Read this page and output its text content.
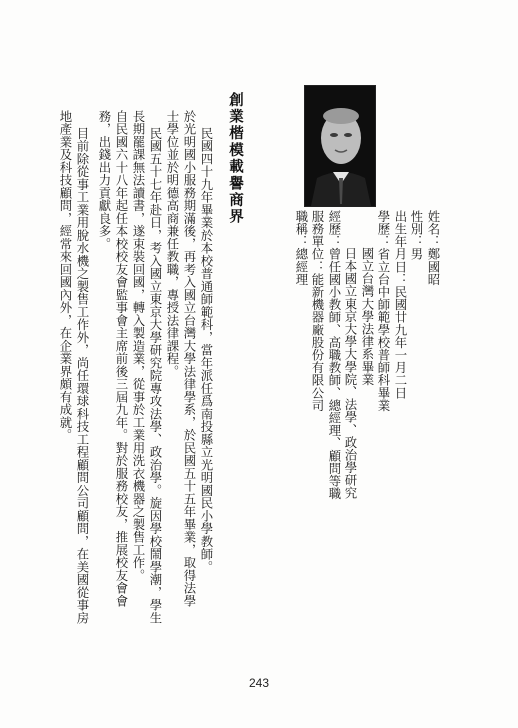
姓名：鄭國昭
性別：男
出生年月日：民國廿九年一月二日
學歷：省立台中師範學校普師科畢業
國立台灣大學法律系畢業
日本國立東京大學大學院、法學、政治學研究
經歷：曾任國小教師、高職教師、總經理、顧問等職
服務單位：能新機器廠股份有限公司
職稱：總經理
創業楷模載譽商界
民國四十九年畢業於本校普通師範科，當年派任爲南投縣立光明國民小學教師。
於光明國小服務期滿後，再考入國立台灣大學法律學系，於民國五十五年畢業，取得法學
士學位並於明德高商兼任教職，專授法律課程。
民國五十七年赴日，考入國立東京大學研究院專攻法學、政治學。旋因學校鬧學潮，學生
長期罷課無法讀書，遂束裝回國，轉入製造業，從事於工業用洗衣機器之製售工作。
自民國六十八年起任本校校友會監事會主席前後三屆九年。對於服務校友，推展校友會會
務，出錢出力貢獻良多。
目前除從事工業用脫水機之製售工作外，尚任環球科技工程顧問公司顧問，在美國從事房
地產業及科技顧問，經常來回國內外，在企業界頗有成就。
243
